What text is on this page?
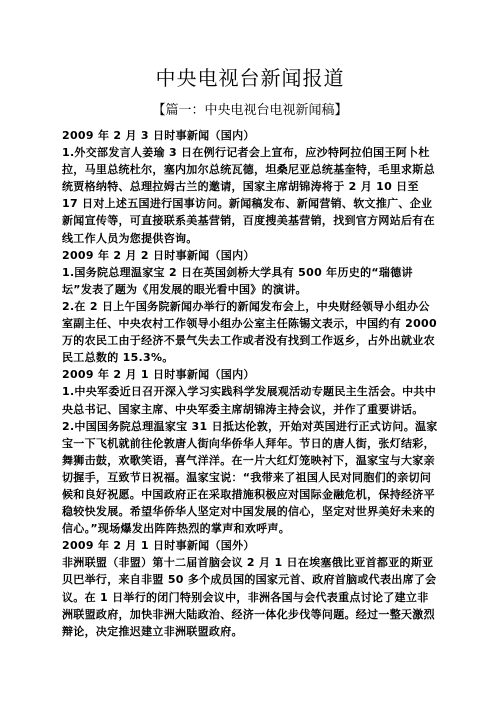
中央电视台新闻报道
【篇一：中央电视台电视新闻稿】

2009 年 2 月 3 日时事新闻（国内）

1.外交部发言人姜瑜 3 日在例行记者会上宣布，应沙特阿拉伯国王阿卜杜拉，马里总统杜尔，塞内加尔总统瓦德，坦桑尼亚总统基奎特，毛里求斯总统贾格纳特、总理拉姆古兰的邀请，国家主席胡锦涛将于 2 月 10 日至 17 日对上述五国进行国事访问。新闻稿发布、新闻营销、软文推广、企业新闻宣传等，可直接联系美基营销，百度搜美基营销，找到官方网站后有在线工作人员为您提供咨询。

2009 年 2 月 2 日时事新闻（国内）

1.国务院总理温家宝 2 日在英国剑桥大学具有 500 年历史的“瑞德讲坛”发表了题为《用发展的眼光看中国》的演讲。

2.在 2 日上午国务院新闻办举行的新闻发布会上，中央财经领导小组办公室副主任、中央农村工作领导小组办公室主任陈锡文表示，中国约有 2000 万的农民工由于经济不景气失去工作或者没有找到工作返乡，占外出就业农民工总数的 15.3%。

2009 年 2 月 1 日时事新闻（国内）

1.中央军委近日召开深入学习实践科学发展观活动专题民主生活会。中共中央总书记、国家主席、中央军委主席胡锦涛主持会议，并作了重要讲话。

2.中国国务院总理温家宝 31 日抵达伦敦，开始对英国进行正式访问。温家宝一下飞机就前往伦敦唐人街向华侨华人拜年。节日的唐人街，张灯结彩，舞狮击鼓，欢歌笑语，喜气洋洋。在一片大红灯笼映衬下，温家宝与大家亲切握手，互致节日祝福。温家宝说：“我带来了祖国人民对同胞们的亲切问候和良好祝愿。中国政府正在采取措施积极应对国际金融危机，保持经济平稳较快发展。希望华侨华人坚定对中国发展的信心，坚定对世界美好未来的信心。”现场爆发出阵阵热烈的掌声和欢呼声。

2009 年 2 月 1 日时事新闻（国外）

非洲联盟（非盟）第十二届首脑会议 2 月 1 日在埃塞俄比亚首都亚的斯亚贝巴举行，来自非盟 50 多个成员国的国家元首、政府首脑或代表出席了会议。在 1 日举行的闭门特别会议中，非洲各国与会代表重点讨论了建立非洲联盟政府，加快非洲大陆政治、经济一体化步伐等问题。经过一整天激烈辩论，决定推迟建立非洲联盟政府。
